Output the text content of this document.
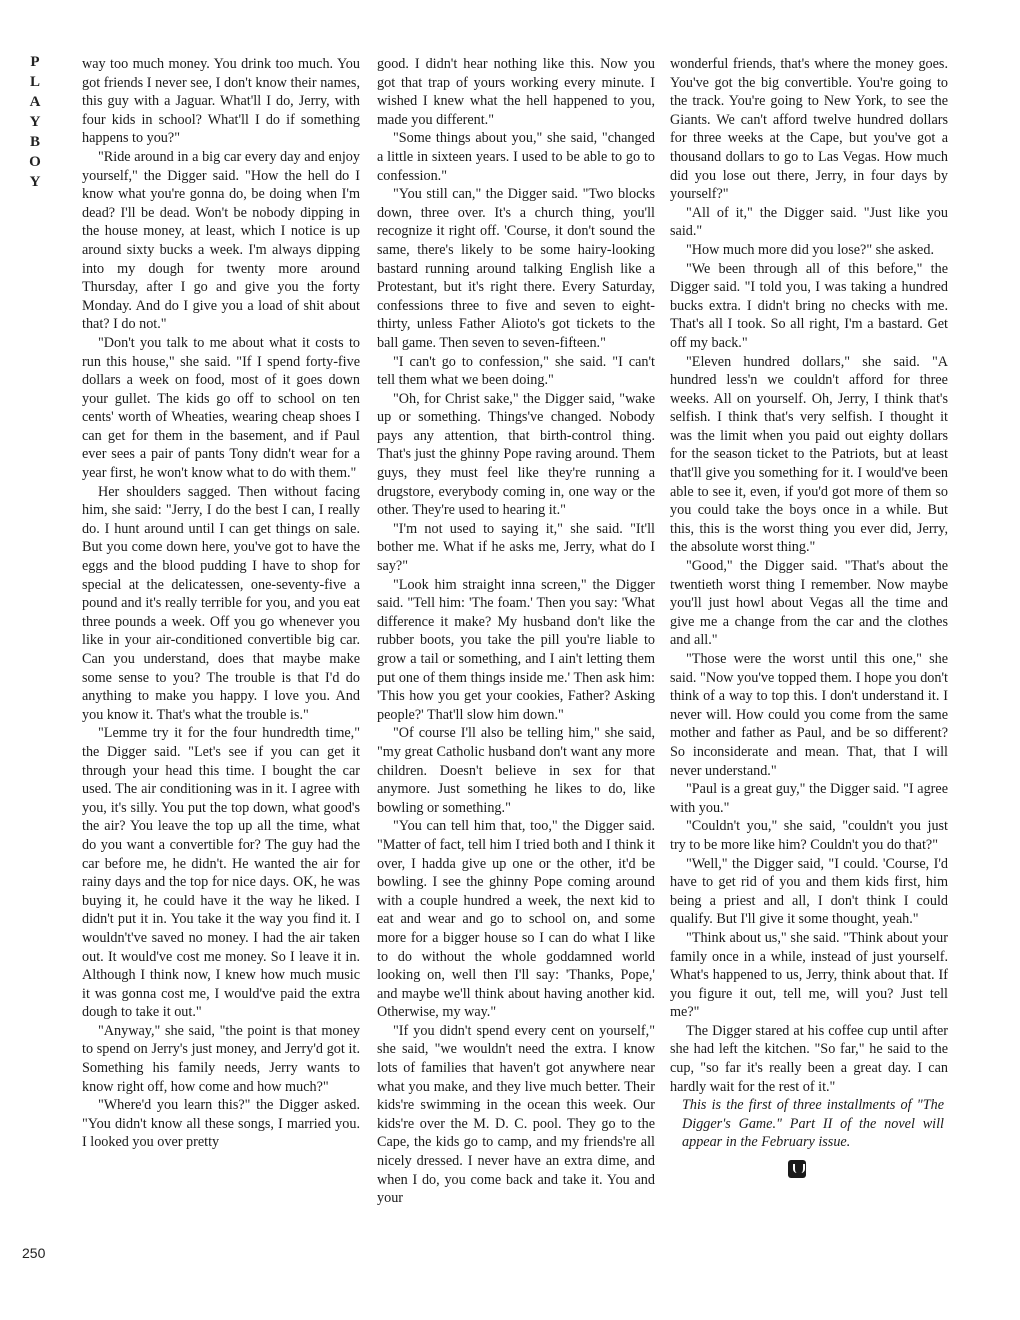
P
L
A
Y
B
O
Y

way too much money. You drink too much. You got friends I never see, I don't know their names, this guy with a Jaguar. What'll I do, Jerry, with four kids in school? What'll I do if something happens to you?"

"Ride around in a big car every day and enjoy yourself," the Digger said. "How the hell do I know what you're gonna do, be doing when I'm dead? I'll be dead. Won't be nobody dipping in the house money, at least, which I notice is up around sixty bucks a week. I'm always dipping into my dough for twenty more around Thursday, after I go and give you the forty Monday. And do I give you a load of shit about that? I do not."

"Don't you talk to me about what it costs to run this house," she said. "If I spend forty-five dollars a week on food, most of it goes down your gullet. The kids go off to school on ten cents' worth of Wheaties, wearing cheap shoes I can get for them in the basement, and if Paul ever sees a pair of pants Tony didn't wear for a year first, he won't know what to do with them."

Her shoulders sagged. Then without facing him, she said: "Jerry, I do the best I can, I really do. I hunt around until I can get things on sale. But you come down here, you've got to have the eggs and the blood pudding I have to shop for special at the delicatessen, one-seventy-five a pound and it's really terrible for you, and you eat three pounds a week. Off you go whenever you like in your air-conditioned convertible big car. Can you understand, does that maybe make some sense to you? The trouble is that I'd do anything to make you happy. I love you. And you know it. That's what the trouble is."

"Lemme try it for the four hundredth time," the Digger said. "Let's see if you can get it through your head this time. I bought the car used. The air conditioning was in it. I agree with you, it's silly. You put the top down, what good's the air? You leave the top up all the time, what do you want a convertible for? The guy had the car before me, he didn't. He wanted the air for rainy days and the top for nice days. OK, he was buying it, he could have it the way he liked. I didn't put it in. You take it the way you find it. I wouldn't've saved no money. I had the air taken out. It would've cost me money. So I leave it in. Although I think now, I knew how much music it was gonna cost me, I would've paid the extra dough to take it out."

"Anyway," she said, "the point is that money to spend on Jerry's just money, and Jerry'd got it. Something his family needs, Jerry wants to know right off, how come and how much?"

"Where'd you learn this?" the Digger asked. "You didn't know all these songs, I married you. I looked you over pretty

good. I didn't hear nothing like this. Now you got that trap of yours working every minute. I wished I knew what the hell happened to you, made you different."

"Some things about you," she said, "changed a little in sixteen years. I used to be able to go to confession."

"You still can," the Digger said. "Two blocks down, three over. It's a church thing, you'll recognize it right off. 'Course, it don't sound the same, there's likely to be some hairy-looking bastard running around talking English like a Protestant, but it's right there. Every Saturday, confessions three to five and seven to eight-thirty, unless Father Alioto's got tickets to the ball game. Then seven to seven-fifteen."

"I can't go to confession," she said. "I can't tell them what we been doing."

"Oh, for Christ sake," the Digger said, "wake up or something. Things've changed. Nobody pays any attention, that birth-control thing. That's just the ghinny Pope raving around. Them guys, they must feel like they're running a drugstore, everybody coming in, one way or the other. They're used to hearing it."

"I'm not used to saying it," she said. "It'll bother me. What if he asks me, Jerry, what do I say?"

"Look him straight inna screen," the Digger said. "Tell him: 'The foam.' Then you say: 'What difference it make? My husband don't like the rubber boots, you take the pill you're liable to grow a tail or something, and I ain't letting them put one of them things inside me.' Then ask him: 'This how you get your cookies, Father? Asking people?' That'll slow him down."

"Of course I'll also be telling him," she said, "my great Catholic husband don't want any more children. Doesn't believe in sex for that anymore. Just something he likes to do, like bowling or something."

"You can tell him that, too," the Digger said. "Matter of fact, tell him I tried both and I think it over, I hadda give up one or the other, it'd be bowling. I see the ghinny Pope coming around with a couple hundred a week, the next kid to eat and wear and go to school on, and some more for a bigger house so I can do what I like to do without the whole goddamned world looking on, well then I'll say: 'Thanks, Pope,' and maybe we'll think about having another kid. Otherwise, my way."

"If you didn't spend every cent on yourself," she said, "we wouldn't need the extra. I know lots of families that haven't got anywhere near what you make, and they live much better. Their kids're swimming in the ocean this week. Our kids're over the M. D. C. pool. They go to the Cape, the kids go to camp, and my friends're all nicely dressed. I never have an extra dime, and when I do, you come back and take it. You and your

wonderful friends, that's where the money goes. You've got the big convertible. You're going to the track. You're going to New York, to see the Giants. We can't afford twelve hundred dollars for three weeks at the Cape, but you've got a thousand dollars to go to Las Vegas. How much did you lose out there, Jerry, in four days by yourself?"

"All of it," the Digger said. "Just like you said."

"How much more did you lose?" she asked.

"We been through all of this before," the Digger said. "I told you, I was taking a hundred bucks extra. I didn't bring no checks with me. That's all I took. So all right, I'm a bastard. Get off my back."

"Eleven hundred dollars," she said. "A hundred less'n we couldn't afford for three weeks. All on yourself. Oh, Jerry, I think that's selfish. I think that's very selfish. I thought it was the limit when you paid out eighty dollars for the season ticket to the Patriots, but at least that'll give you something for it. I would've been able to see it, even, if you'd got more of them so you could take the boys once in a while. But this, this is the worst thing you ever did, Jerry, the absolute worst thing."

"Good," the Digger said. "That's about the twentieth worst thing I remember. Now maybe you'll just howl about Vegas all the time and give me a change from the car and the clothes and all."

"Those were the worst until this one," she said. "Now you've topped them. I hope you don't think of a way to top this. I don't understand it. I never will. How could you come from the same mother and father as Paul, and be so different? So inconsiderate and mean. That, that I will never understand."

"Paul is a great guy," the Digger said. "I agree with you."

"Couldn't you," she said, "couldn't you just try to be more like him? Couldn't you do that?"

"Well," the Digger said, "I could. 'Course, I'd have to get rid of you and them kids first, him being a priest and all, I don't think I could qualify. But I'll give it some thought, yeah."

"Think about us," she said. "Think about your family once in a while, instead of just yourself. What's happened to us, Jerry, think about that. If you figure it out, tell me, will you? Just tell me?"

The Digger stared at his coffee cup until after she had left the kitchen. "So far," he said to the cup, "so far it's really been a great day. I can hardly wait for the rest of it."

This is the first of three installments of "The Digger's Game." Part II of the novel will appear in the February issue.

250
